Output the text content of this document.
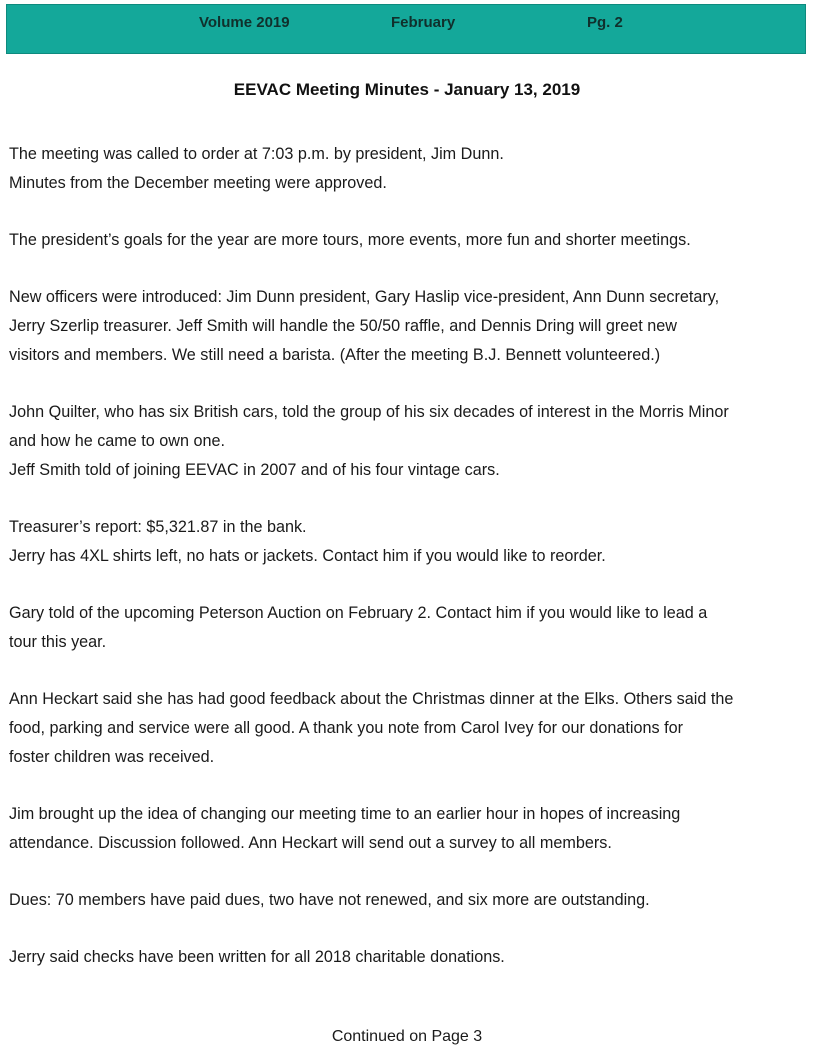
Volume 2019	February	Pg. 2
EEVAC Meeting Minutes - January 13, 2019
The meeting was called to order at 7:03 p.m. by president, Jim Dunn.
Minutes from the December meeting were approved.
The president’s goals for the year are more tours, more events, more fun and shorter meetings.
New officers were introduced: Jim Dunn president, Gary Haslip vice-president, Ann Dunn secretary,
Jerry Szerlip treasurer. Jeff Smith will handle the 50/50 raffle, and Dennis Dring will greet new
visitors and members. We still need a barista. (After the meeting B.J. Bennett volunteered.)
John Quilter, who has six British cars, told the group of his six decades of interest in the Morris Minor
and how he came to own one.
Jeff Smith told of joining EEVAC in 2007 and of his four vintage cars.
Treasurer’s report: $5,321.87 in the bank.
Jerry has 4XL shirts left, no hats or jackets. Contact him if you would like to reorder.
Gary told of the upcoming Peterson Auction on February 2. Contact him if you would like to lead a
tour this year.
Ann Heckart said she has had good feedback about the Christmas dinner at the Elks. Others said the
food, parking and service were all good. A thank you note from Carol Ivey for our donations for
foster children was received.
Jim brought up the idea of changing our meeting time to an earlier hour in hopes of increasing
attendance. Discussion followed. Ann Heckart will send out a survey to all members.
Dues: 70 members have paid dues, two have not renewed, and six more are outstanding.
Jerry said checks have been written for all 2018 charitable donations.
Continued on Page 3
